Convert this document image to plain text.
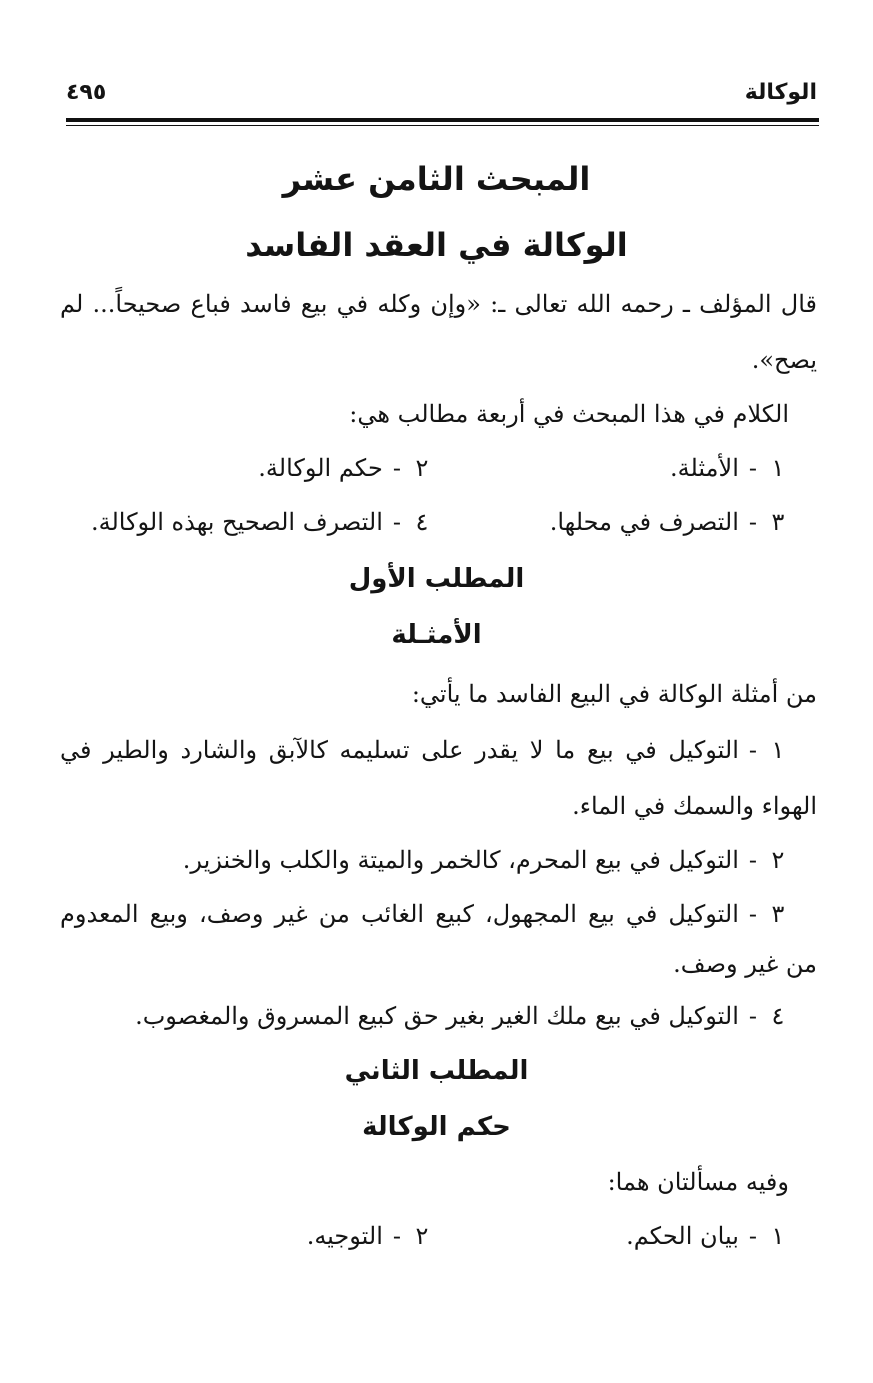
الوكالة
٤٩٥
المبحث الثامن عشر
الوكالة في العقد الفاسد
قال المؤلف ـ رحمه الله تعالى ـ: «وإن وكله في بيع فاسد فباع صحيحاً... لم
يصح».
الكلام في هذا المبحث في أربعة مطالب هي:
١-الأمثلة.
٢-حكم الوكالة.
٣-التصرف في محلها.
٤-التصرف الصحيح بهذه الوكالة.
المطلب الأول
الأمثـلة
من أمثلة الوكالة في البيع الفاسد ما يأتي:
١
-
التوكيل في بيع ما لا يقدر على تسليمه كالآبق والشارد والطير في
الهواء والسمك في الماء.
٢-التوكيل في بيع المحرم، كالخمر والميتة والكلب والخنزير.
٣
-
التوكيل في بيع المجهول، كبيع الغائب من غير وصف، وبيع المعدوم
من غير وصف.
٤-التوكيل في بيع ملك الغير بغير حق كبيع المسروق والمغصوب.
المطلب الثاني
حكم الوكالة
وفيه مسألتان هما:
١-بيان الحكم.
٢-التوجيه.
